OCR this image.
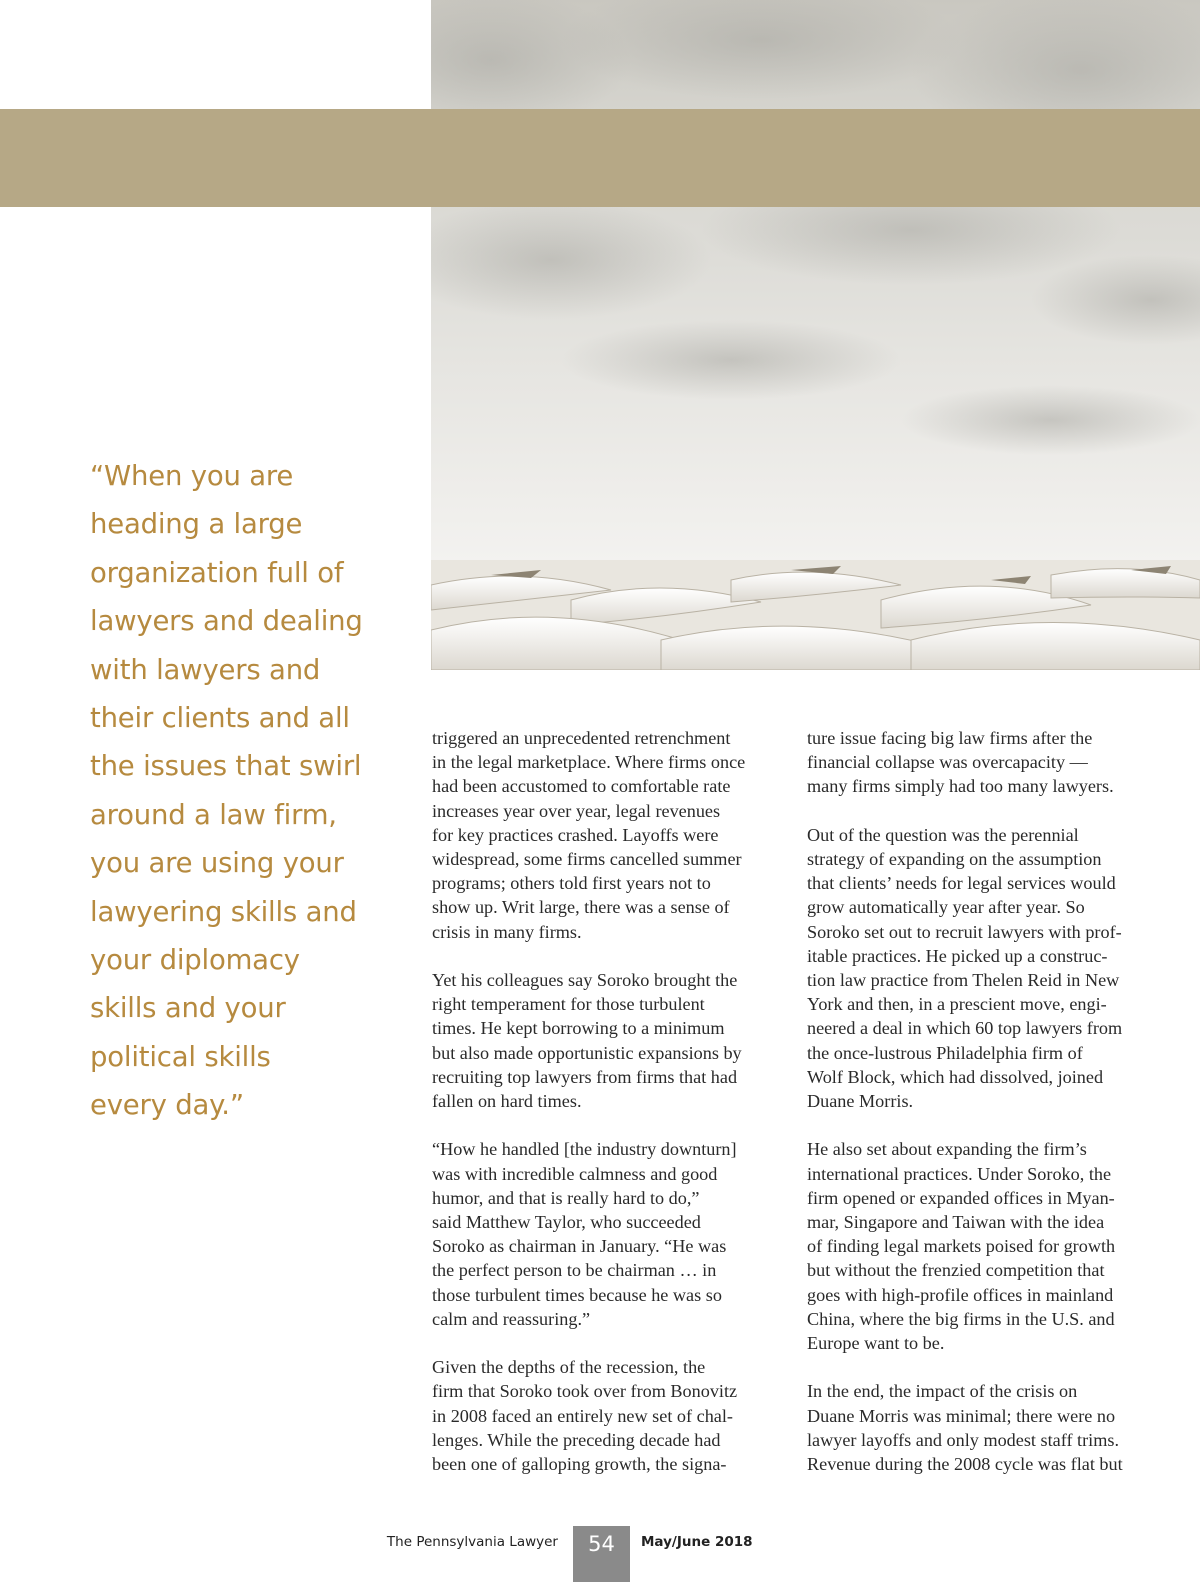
“When you are
heading a large
organization full of
lawyers and dealing
with lawyers and
their clients and all
the issues that swirl
around a law firm,
you are using your
lawyering skills and
your diplomacy
skills and your
political skills
every day.”

triggered an unprecedented retrenchment
in the legal marketplace. Where firms once
had been accustomed to comfortable rate
increases year over year, legal revenues
for key practices crashed. Layoffs were
widespread, some firms cancelled summer
programs; others told first years not to
show up. Writ large, there was a sense of
crisis in many firms.

Yet his colleagues say Soroko brought the
right temperament for those turbulent
times. He kept borrowing to a minimum
but also made opportunistic expansions by
recruiting top lawyers from firms that had
fallen on hard times.

“How he handled [the industry downturn]
was with incredible calmness and good
humor, and that is really hard to do,”
said Matthew Taylor, who succeeded
Soroko as chairman in January. “He was
the perfect person to be chairman … in
those turbulent times because he was so
calm and reassuring.”

Given the depths of the recession, the
firm that Soroko took over from Bonovitz
in 2008 faced an entirely new set of chal-
lenges. While the preceding decade had
been one of galloping growth, the signa-

ture issue facing big law firms after the
financial collapse was overcapacity —
many firms simply had too many lawyers.

Out of the question was the perennial
strategy of expanding on the assumption
that clients’ needs for legal services would
grow automatically year after year. So
Soroko set out to recruit lawyers with prof-
itable practices. He picked up a construc-
tion law practice from Thelen Reid in New
York and then, in a prescient move, engi-
neered a deal in which 60 top lawyers from
the once-lustrous Philadelphia firm of
Wolf Block, which had dissolved, joined
Duane Morris.

He also set about expanding the firm’s
international practices. Under Soroko, the
firm opened or expanded offices in Myan-
mar, Singapore and Taiwan with the idea
of finding legal markets poised for growth
but without the frenzied competition that
goes with high-profile offices in mainland
China, where the big firms in the U.S. and
Europe want to be.

In the end, the impact of the crisis on
Duane Morris was minimal; there were no
lawyer layoffs and only modest staff trims.
Revenue during the 2008 cycle was flat but

The Pennsylvania Lawyer	54	May/June 2018
